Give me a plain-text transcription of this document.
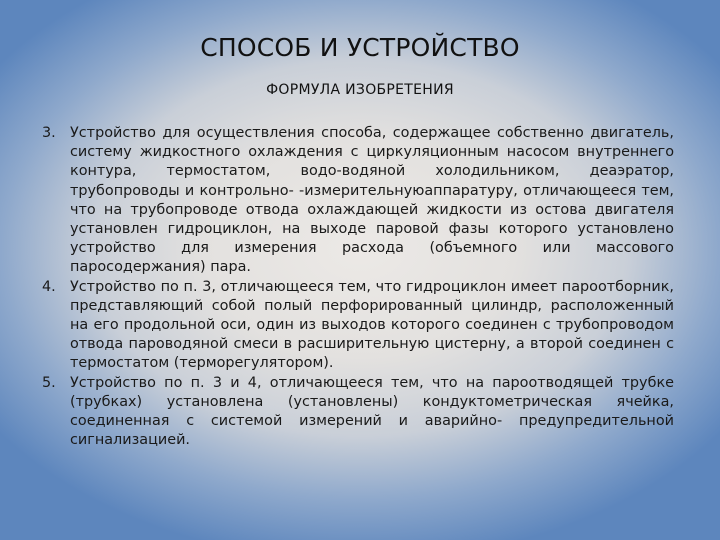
СПОСОБ И УСТРОЙСТВО
ФОРМУЛА ИЗОБРЕТЕНИЯ
3. Устройство для осуществления способа, содержащее собственно двигатель, систему жидкостного охлаждения с циркуляционным насосом внутреннего контура, термостатом, водо-водяной холодильником, деаэратор, трубопроводы и контрольно- -измерительнуюаппаратуру, отличающееся тем, что на трубопроводе отвода охлаждающей жидкости из остова двигателя установлен гидроциклон, на выходе паровой фазы которого установлено устройство для измерения расхода (объемного или массового паросодержания) пара.
4. Устройство по п. 3, отличающееся тем, что гидроциклон имеет пароотборник, представляющий собой полый перфорированный цилиндр, расположенный на его продольной оси, один из выходов которого соединен с трубопроводом отвода пароводяной смеси в расширительную цистерну, а второй соединен с термостатом (терморегулятором).
5. Устройство по п. 3 и 4, отличающееся тем, что на пароотводящей трубке (трубках) установлена (установлены) кондуктометрическая ячейка, соединенная с системой измерений и аварийно- предупредительной сигнализацией.
